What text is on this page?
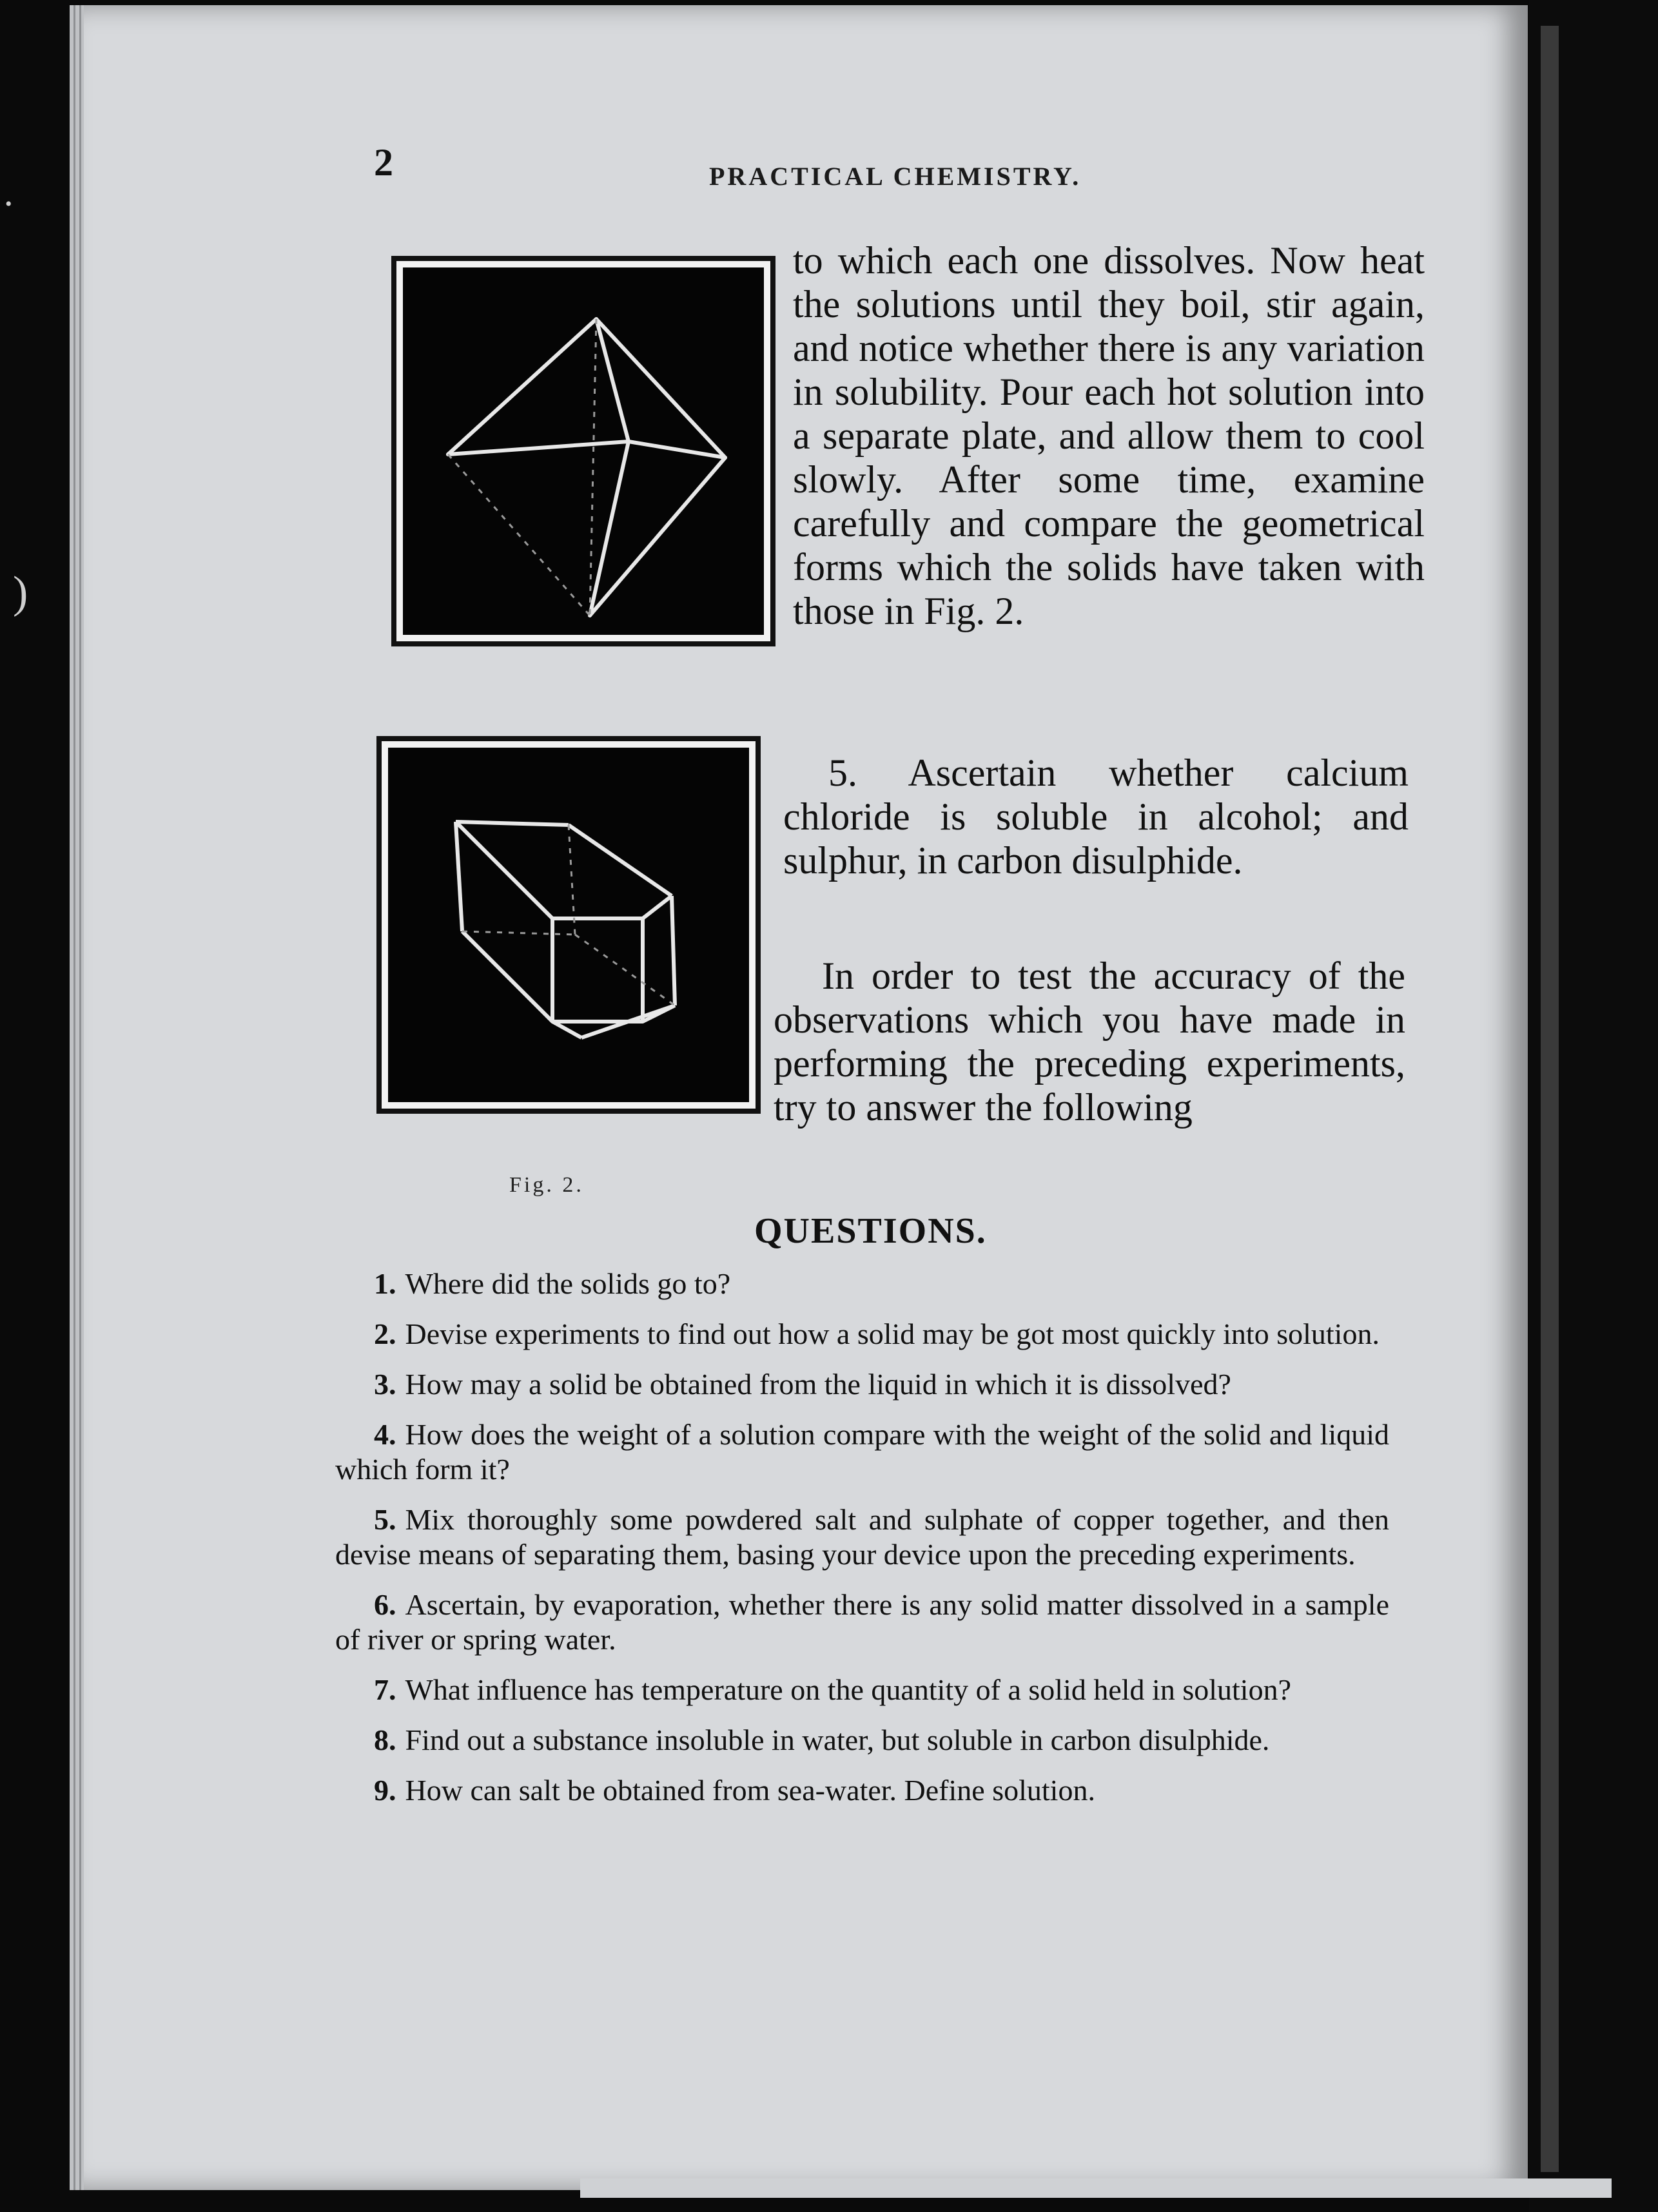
•
)
2	PRACTICAL CHEMISTRY.

to which each one dissolves. Now heat the solutions until they boil, stir again, and notice whether there is any variation in solubility. Pour each hot solution into a separate plate, and allow them to cool slowly. After some time, examine carefully and compare the geometrical forms which the solids have taken with those in Fig. 2.

5. Ascertain whether calcium chloride is soluble in alcohol; and sulphur, in carbon disulphide.

In order to test the accuracy of the observations which you have made in performing the preceding experiments, try to answer the following

Fig. 2.
QUESTIONS.
1. Where did the solids go to?
2. Devise experiments to find out how a solid may be got most quickly into solution.
3. How may a solid be obtained from the liquid in which it is dissolved?
4. How does the weight of a solution compare with the weight of the solid and liquid which form it?
5. Mix thoroughly some powdered salt and sulphate of copper together, and then devise means of separating them, basing your device upon the preceding experiments.
6. Ascertain, by evaporation, whether there is any solid matter dissolved in a sample of river or spring water.
7. What influence has temperature on the quantity of a solid held in solution?
8. Find out a substance insoluble in water, but soluble in carbon disulphide.
9. How can salt be obtained from sea-water. Define solution.
